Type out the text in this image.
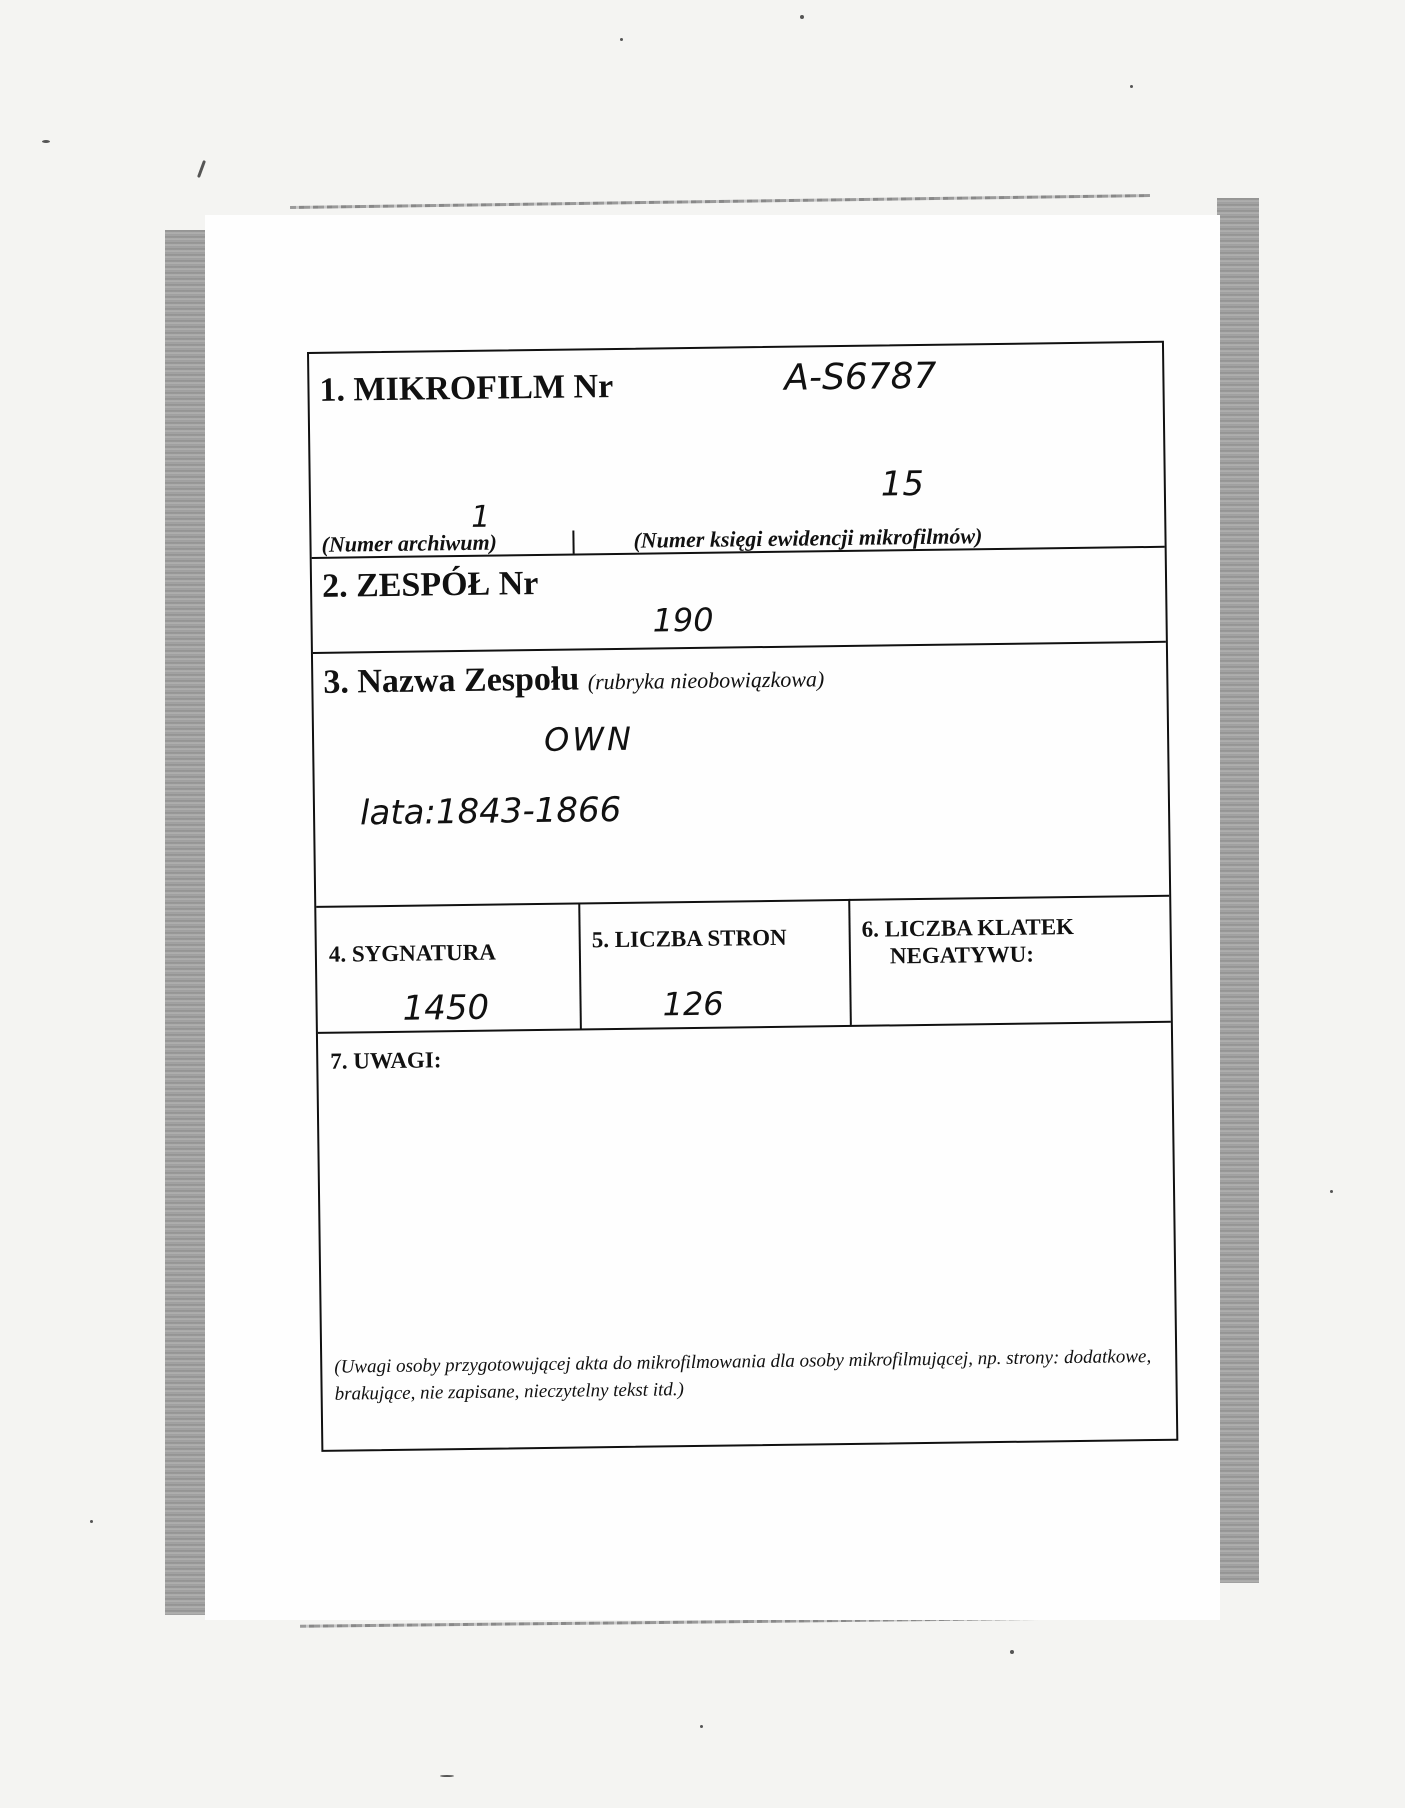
1. MIKROFILM Nr	A-S6787
1
15
(Numer archiwum)	(Numer księgi ewidencji mikrofilmów)
2. ZESPÓŁ Nr
190
3. Nazwa Zespołu (rubryka nieobowiązkowa)
OWN
lata:1843-1866
4. SYGNATURA
1450
5. LICZBA STRON
126
6. LICZBA KLATEK
NEGATYWU:
7. UWAGI:
(Uwagi osoby przygotowującej akta do mikrofilmowania dla osoby mikrofilmującej, np. strony: dodatkowe, brakujące, nie zapisane, nieczytelny tekst itd.)
